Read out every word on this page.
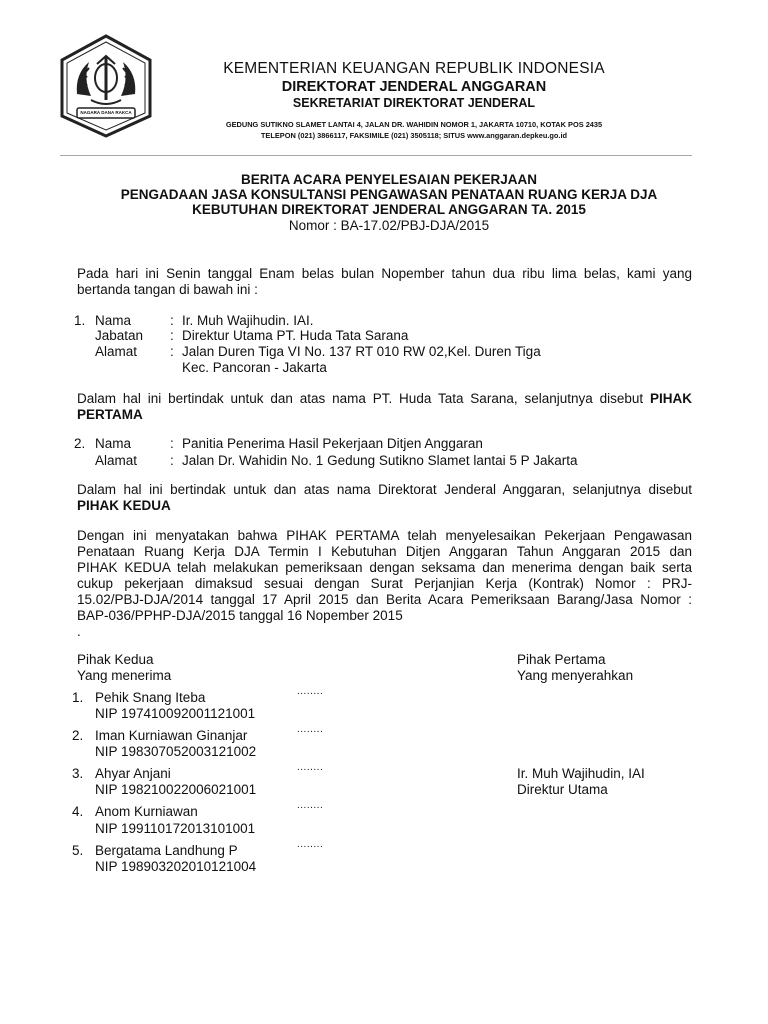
NAGARA DANA RAKCA
KEMENTERIAN KEUANGAN REPUBLIK INDONESIA
DIREKTORAT JENDERAL ANGGARAN
SEKRETARIAT DIREKTORAT JENDERAL
GEDUNG SUTIKNO SLAMET LANTAI 4, JALAN DR. WAHIDIN NOMOR 1, JAKARTA 10710, KOTAK POS 2435
TELEPON (021) 3866117, FAKSIMILE (021) 3505118; SITUS www.anggaran.depkeu.go.id
BERITA ACARA PENYELESAIAN PEKERJAAN
PENGADAAN JASA KONSULTANSI PENGAWASAN PENATAAN RUANG KERJA DJA
KEBUTUHAN DIREKTORAT JENDERAL ANGGARAN TA. 2015
Nomor : BA-17.02/PBJ-DJA/2015
Pada hari ini Senin tanggal Enam belas bulan Nopember tahun dua ribu lima belas, kami yang
bertanda tangan di bawah ini :
1. Nama	: Ir. Muh Wajihudin. IAI.
Jabatan : Direktur Utama PT. Huda Tata Sarana
Alamat : Jalan Duren Tiga VI No. 137 RT 010 RW 02,Kel. Duren Tiga
Kec. Pancoran - Jakarta
Dalam hal ini bertindak untuk dan atas nama PT. Huda Tata Sarana, selanjutnya disebut PIHAK
PERTAMA
2. Nama	: Panitia Penerima Hasil Pekerjaan Ditjen Anggaran
Alamat : Jalan Dr. Wahidin No. 1 Gedung Sutikno Slamet lantai 5 P Jakarta
Dalam hal ini bertindak untuk dan atas nama Direktorat Jenderal Anggaran, selanjutnya disebut
PIHAK KEDUA
Dengan ini menyatakan bahwa PIHAK PERTAMA telah menyelesaikan Pekerjaan Pengawasan
Penataan Ruang Kerja DJA Termin I Kebutuhan Ditjen Anggaran Tahun Anggaran 2015 dan
PIHAK KEDUA telah melakukan pemeriksaan dengan seksama dan menerima dengan baik serta
cukup pekerjaan dimaksud sesuai dengan Surat Perjanjian Kerja (Kontrak) Nomor : PRJ-
15.02/PBJ-DJA/2014 tanggal 17 April 2015 dan Berita Acara Pemeriksaan Barang/Jasa Nomor :
BAP-036/PPHP-DJA/2015 tanggal 16 Nopember 2015
.
Pihak Kedua
Yang menerima
Pihak Pertama
Yang menyerahkan
1. Pehik Snang Iteba
NIP 197410092001121001
........
2. Iman Kurniawan Ginanjar
NIP 198307052003121002
........
3. Ahyar Anjani
NIP 198210022006021001
........
4. Anom Kurniawan
NIP 199110172013101001
........
5. Bergatama Landhung P
NIP 198903202010121004
........
Ir. Muh Wajihudin, IAI
Direktur Utama
